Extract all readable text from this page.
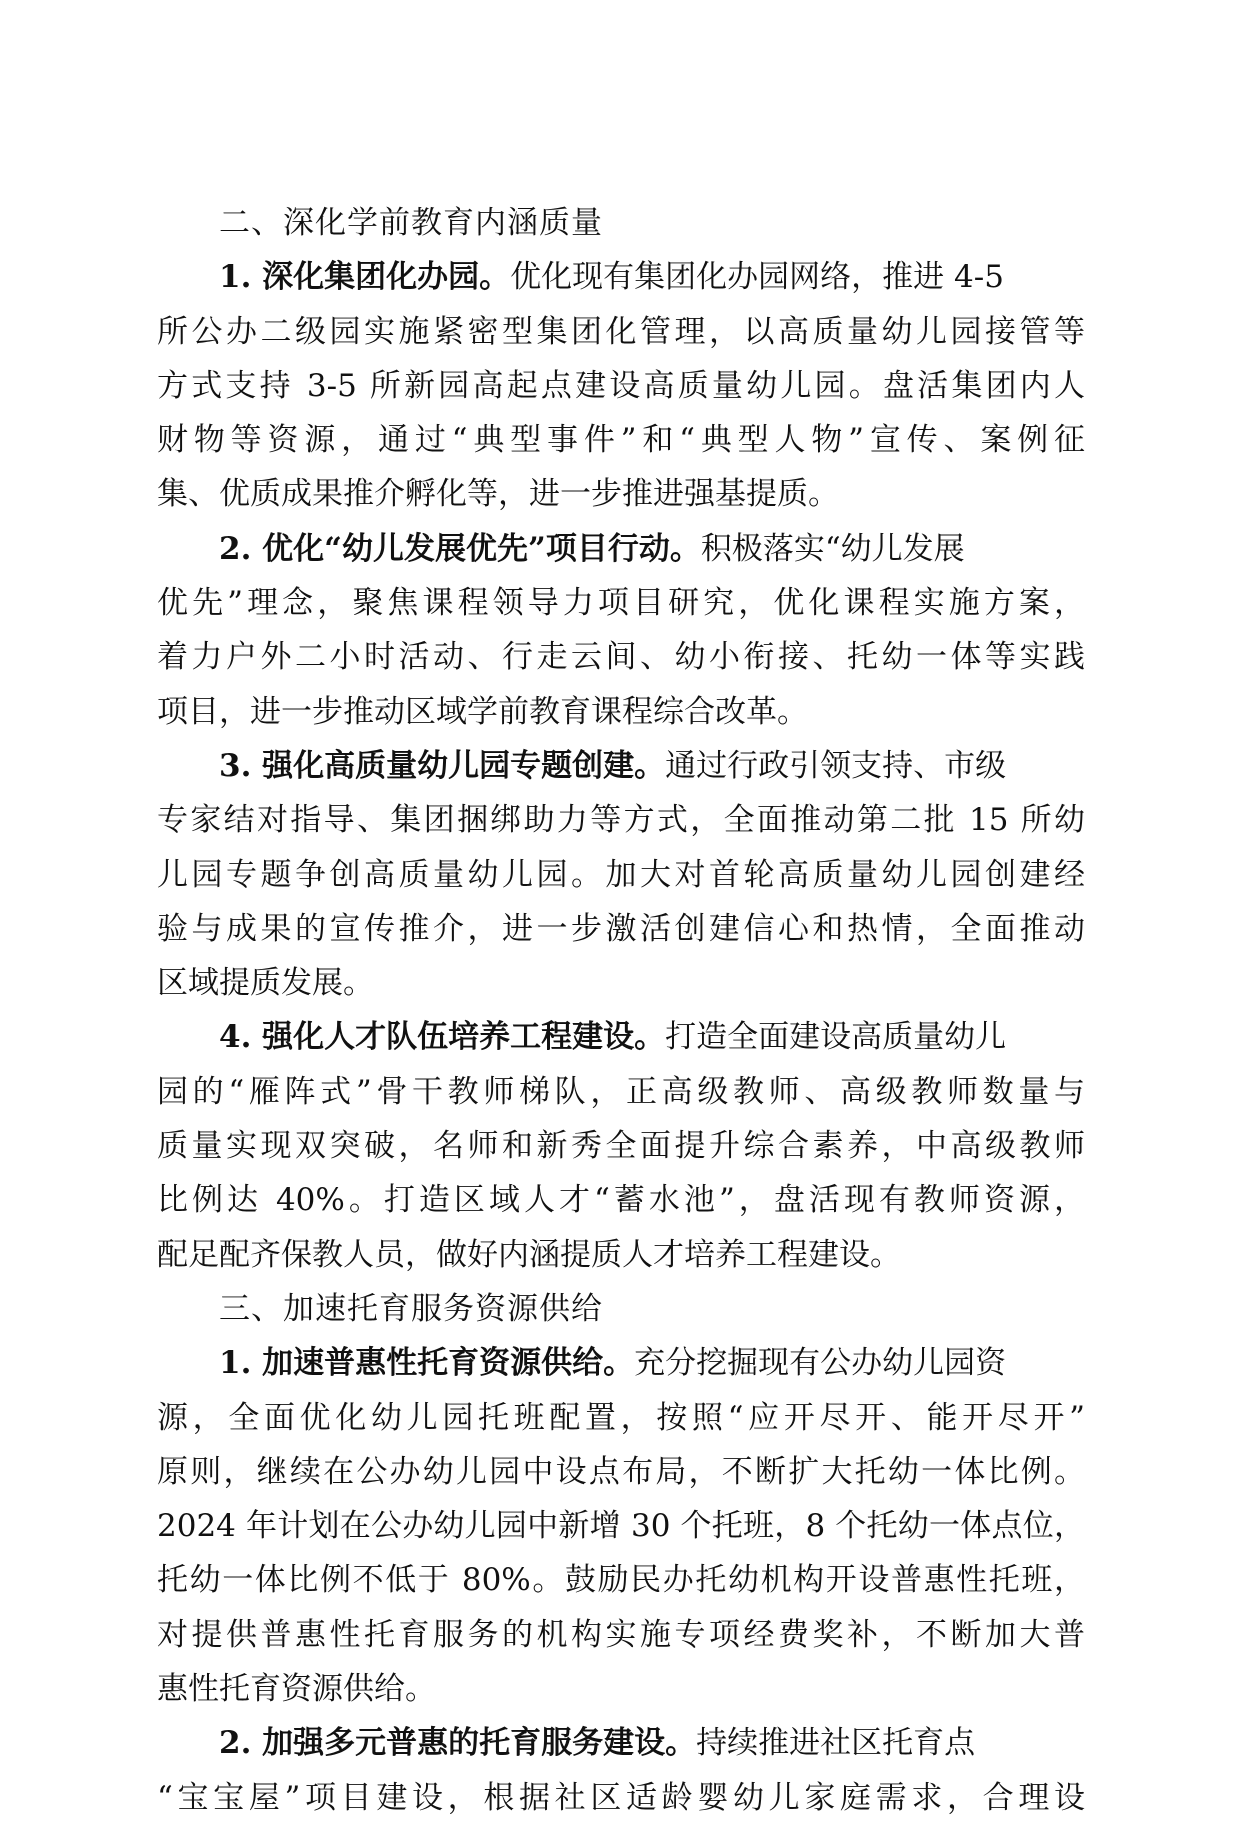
二、深化学前教育内涵质量
1. 深化集团化办园。优化现有集团化办园网络，推进 4-5
所公办二级园实施紧密型集团化管理，以高质量幼儿园接管等
方式支持 3-5 所新园高起点建设高质量幼儿园。盘活集团内人
财物等资源，通过“典型事件”和“典型人物”宣传、案例征
集、优质成果推介孵化等，进一步推进强基提质。
2. 优化“幼儿发展优先”项目行动。积极落实“幼儿发展
优先”理念，聚焦课程领导力项目研究，优化课程实施方案，
着力户外二小时活动、行走云间、幼小衔接、托幼一体等实践
项目，进一步推动区域学前教育课程综合改革。
3. 强化高质量幼儿园专题创建。通过行政引领支持、市级
专家结对指导、集团捆绑助力等方式，全面推动第二批 15 所幼
儿园专题争创高质量幼儿园。加大对首轮高质量幼儿园创建经
验与成果的宣传推介，进一步激活创建信心和热情，全面推动
区域提质发展。
4. 强化人才队伍培养工程建设。打造全面建设高质量幼儿
园的“雁阵式”骨干教师梯队，正高级教师、高级教师数量与
质量实现双突破，名师和新秀全面提升综合素养，中高级教师
比例达 40%。打造区域人才“蓄水池”，盘活现有教师资源，
配足配齐保教人员，做好内涵提质人才培养工程建设。
三、加速托育服务资源供给
1. 加速普惠性托育资源供给。充分挖掘现有公办幼儿园资
源，全面优化幼儿园托班配置，按照“应开尽开、能开尽开”
原则，继续在公办幼儿园中设点布局，不断扩大托幼一体比例。
2024 年计划在公办幼儿园中新增 30 个托班，8 个托幼一体点位，
托幼一体比例不低于 80%。鼓励民办托幼机构开设普惠性托班，
对提供普惠性托育服务的机构实施专项经费奖补，不断加大普
惠性托育资源供给。
2. 加强多元普惠的托育服务建设。持续推进社区托育点
“宝宝屋”项目建设，根据社区适龄婴幼儿家庭需求，合理设
